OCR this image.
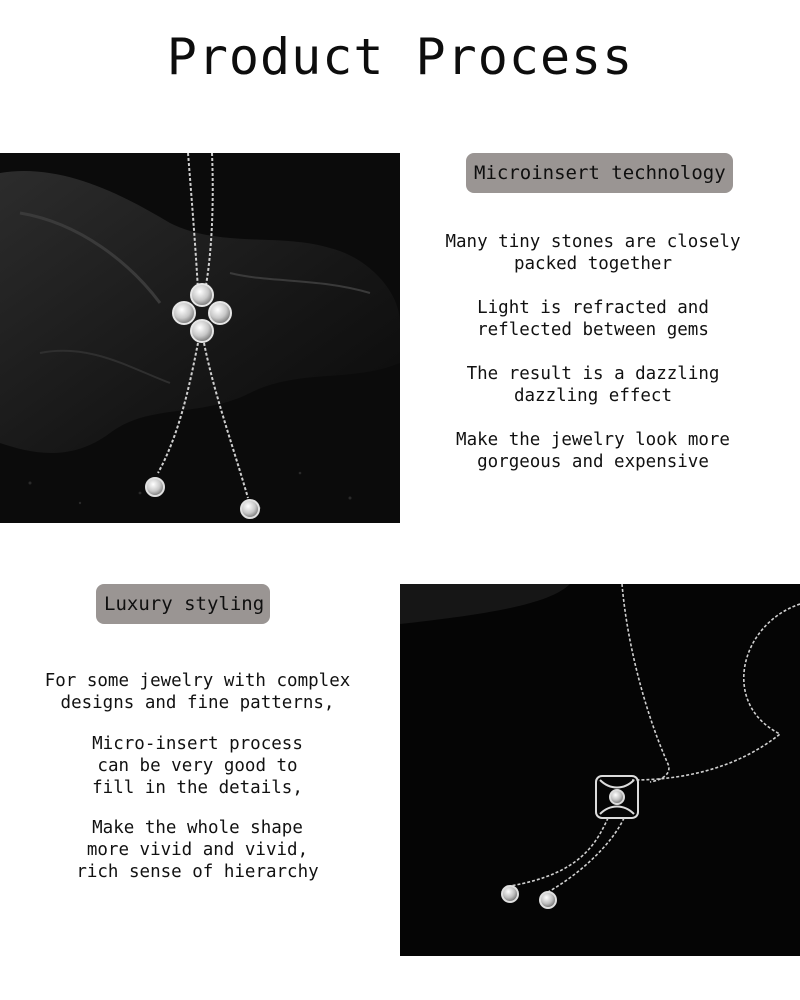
Product Process
Microinsert technology
Many tiny stones are closely
packed together
Light is refracted and
reflected between gems
The result is a dazzling
dazzling effect
Make the jewelry look more
gorgeous and expensive
Luxury styling
For some jewelry with complex
designs and fine patterns,
Micro-insert process
can be very good to
fill in the details,
Make the whole shape
more vivid and vivid,
rich sense of hierarchy
